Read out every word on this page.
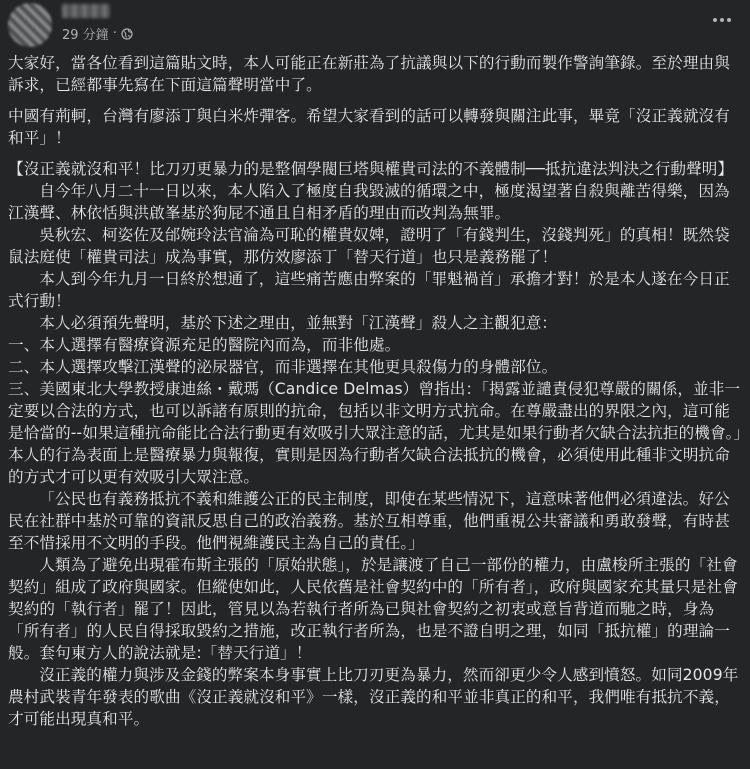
29 分鐘 ·

大家好，當各位看到這篇貼文時，本人可能正在新莊為了抗議與以下的行動而製作警詢筆錄。至於理由與訴求，已經都事先寫在下面這篇聲明當中了。

中國有荊軻，台灣有廖添丁與白米炸彈客。希望大家看到的話可以轉發與關注此事，畢竟「沒正義就沒有和平」！

【沒正義就沒和平！比刀刃更暴力的是整個學閥巨塔與權貴司法的不義體制──抵抗違法判決之行動聲明】

自今年八月二十一日以來，本人陷入了極度自我毀滅的循環之中，極度渴望著自殺與離苦得樂，因為江漢聲、林依恬與洪啟峯基於狗屁不通且自相矛盾的理由而改判為無罪。

吳秋宏、柯姿佐及邰婉玲法官淪為可恥的權貴奴婢，證明了「有錢判生，沒錢判死」的真相！既然袋鼠法庭使「權貴司法」成為事實，那仿效廖添丁「替天行道」也只是義務罷了！

本人到今年九月一日終於想通了，這些痛苦應由弊案的「罪魁禍首」承擔才對！於是本人遂在今日正式行動！

本人必須預先聲明，基於下述之理由，並無對「江漢聲」殺人之主觀犯意：

一、本人選擇有醫療資源充足的醫院內而為，而非他處。

二、本人選擇攻擊江漢聲的泌尿器官，而非選擇在其他更具殺傷力的身體部位。

三、美國東北大學教授康迪絲・戴瑪（Candice Delmas）曾指出：「揭露並譴責侵犯尊嚴的關係，並非一定要以合法的方式，也可以訴諸有原則的抗命，包括以非文明方式抗命。在尊嚴盡出的界限之內，這可能是恰當的--如果這種抗命能比合法行動更有效吸引大眾注意的話，尤其是如果行動者欠缺合法抗拒的機會。」本人的行為表面上是醫療暴力與報復，實則是因為行動者欠缺合法抵抗的機會，必須使用此種非文明抗命的方式才可以更有效吸引大眾注意。

「公民也有義務抵抗不義和維護公正的民主制度，即使在某些情況下，這意味著他們必須違法。好公民在社群中基於可靠的資訊反思自己的政治義務。基於互相尊重，他們重視公共審議和勇敢發聲，有時甚至不惜採用不文明的手段。他們視維護民主為自己的責任。」

人類為了避免出現霍布斯主張的「原始狀態」，於是讓渡了自己一部份的權力，由盧梭所主張的「社會契約」組成了政府與國家。但縱使如此，人民依舊是社會契約中的「所有者」，政府與國家充其量只是社會契約的「執行者」罷了！因此，管見以為若執行者所為已與社會契約之初衷或意旨背道而馳之時，身為「所有者」的人民自得採取毀約之措施，改正執行者所為，也是不證自明之理，如同「抵抗權」的理論一般。套句東方人的說法就是:「替天行道」！

沒正義的權力與涉及金錢的弊案本身事實上比刀刃更為暴力，然而卻更少令人感到憤怒。如同2009年農村武裝青年發表的歌曲《沒正義就沒和平》一樣，沒正義的和平並非真正的和平，我們唯有抵抗不義，才可能出現真和平。
